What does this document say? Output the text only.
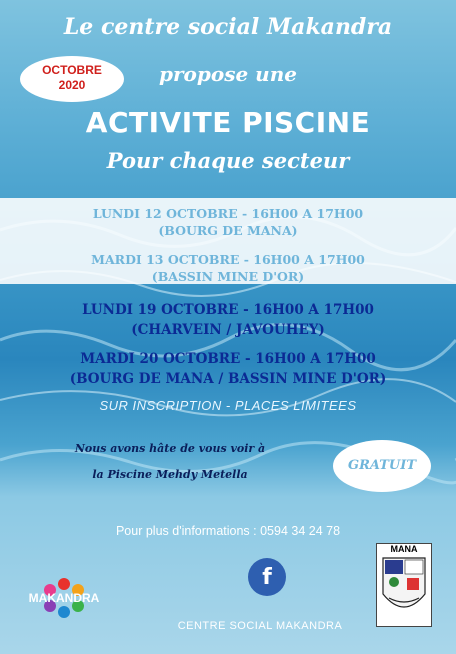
Le centre social Makandra
OCTOBRE
2020	propose une
ACTIVITE PISCINE
Pour chaque secteur
LUNDI 12 OCTOBRE - 16H00 A 17H00
(BOURG DE MANA)
MARDI 13 OCTOBRE - 16H00 A 17H00
(BASSIN MINE D'OR)
LUNDI 19 OCTOBRE - 16H00 A 17H00
(CHARVEIN / JAVOUHEY)
MARDI 20 OCTOBRE - 16H00 A 17H00
(BOURG DE MANA / BASSIN MINE D'OR)
SUR INSCRIPTION - PLACES LIMITEES
Nous avons hâte de vous voir à
la Piscine Mehdy Metella
GRATUIT
Pour plus d'informations : 0594 34 24 78
MAKANDRA
f
CENTRE SOCIAL MAKANDRA
MANA
